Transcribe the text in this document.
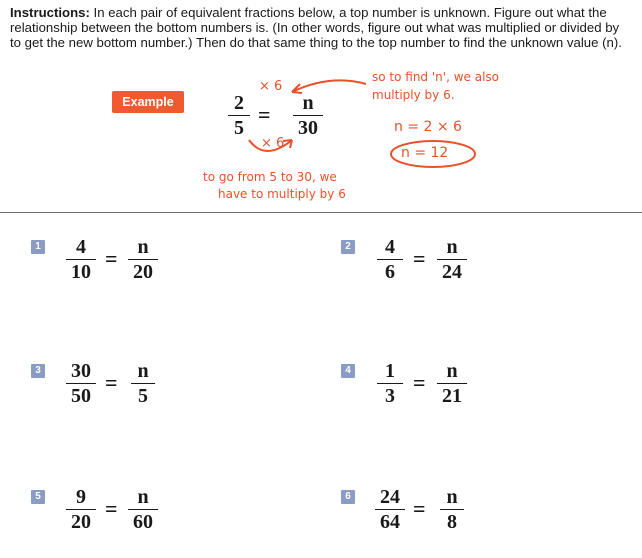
Instructions: In each pair of equivalent fractions below, a top number is unknown. Figure out what the relationship between the bottom numbers is. (In other words, figure out what was multiplied or divided by to get the new bottom number.) Then do that same thing to the top number to find the unknown value (n).
Example	2
5
=	n
30
× 6
× 6
so to find 'n', we also
multiply by 6.
n = 2 × 6
n = 12
to go from 5 to 30, we
have to multiply by 6
1	4
10
= n
20
2	4
6
=	n
24
3 30
50
= n
5
4	1
3
=	n
21
5	9
20
= n
60
6 24
64
=	n
8
